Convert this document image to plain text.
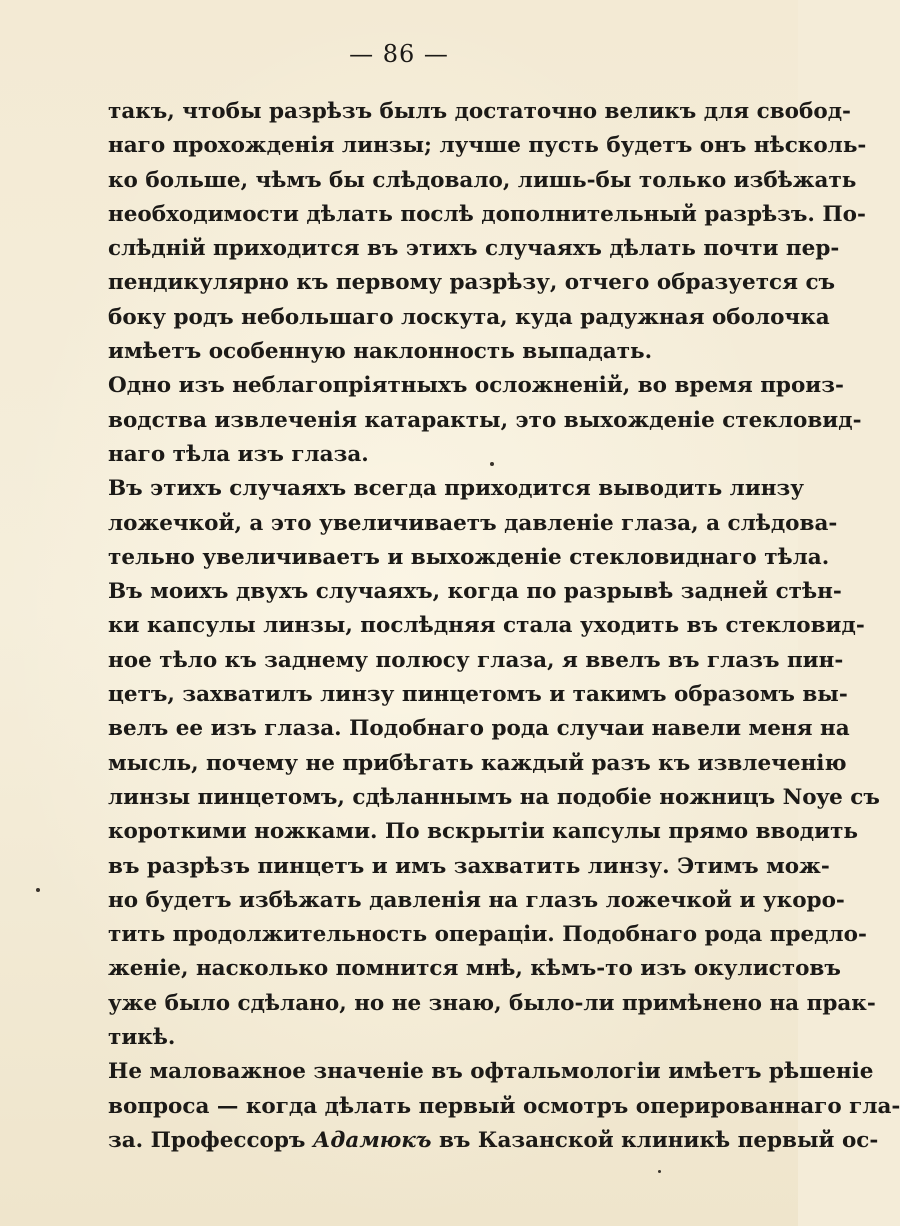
— 86 —
такъ, чтобы разрѣзъ былъ достаточно великъ для свобод-
наго прохожденія линзы; лучше пусть будетъ онъ нѣсколь-
ко больше, чѣмъ бы слѣдовало, лишь-бы только избѣжать
необходимости дѣлать послѣ дополнительный разрѣзъ. По-
слѣдній приходится въ этихъ случаяхъ дѣлать почти пер-
пендикулярно къ первому разрѣзу, отчего образуется съ
боку родъ небольшаго лоскута, куда радужная оболочка
имѣетъ особенную наклонность выпадать.
Одно изъ неблагопріятныхъ осложненій, во время произ-
водства извлеченія катаракты, это выхожденіе стекловид-
наго тѣла изъ глаза.
Въ этихъ случаяхъ всегда приходится выводить линзу
ложечкой, а это увеличиваетъ давленіе глаза, а слѣдова-
тельно увеличиваетъ и выхожденіе стекловиднаго тѣла.
Въ моихъ двухъ случаяхъ, когда по разрывѣ задней стѣн-
ки капсулы линзы, послѣдняя стала уходить въ стекловид-
ное тѣло къ заднему полюсу глаза, я ввелъ въ глазъ пин-
цетъ, захватилъ линзу пинцетомъ и такимъ образомъ вы-
велъ ее изъ глаза. Подобнаго рода случаи навели меня на
мысль, почему не прибѣгать каждый разъ къ извлеченію
линзы пинцетомъ, сдѣланнымъ на подобіе ножницъ Noye съ
короткими ножками. По вскрытіи капсулы прямо вводить
въ разрѣзъ пинцетъ и имъ захватить линзу. Этимъ мож-
но будетъ избѣжать давленія на глазъ ложечкой и укоро-
тить продолжительность операціи. Подобнаго рода предло-
женіе, насколько помнится мнѣ, кѣмъ-то изъ окулистовъ
уже было сдѣлано, но не знаю, было-ли примѣнено на прак-
тикѣ.
Не маловажное значеніе въ офтальмологіи имѣетъ рѣшеніе
вопроса — когда дѣлать первый осмотръ оперированнаго гла-
за. Профессоръ Адамюкъ въ Казанской клиникѣ первый ос-
